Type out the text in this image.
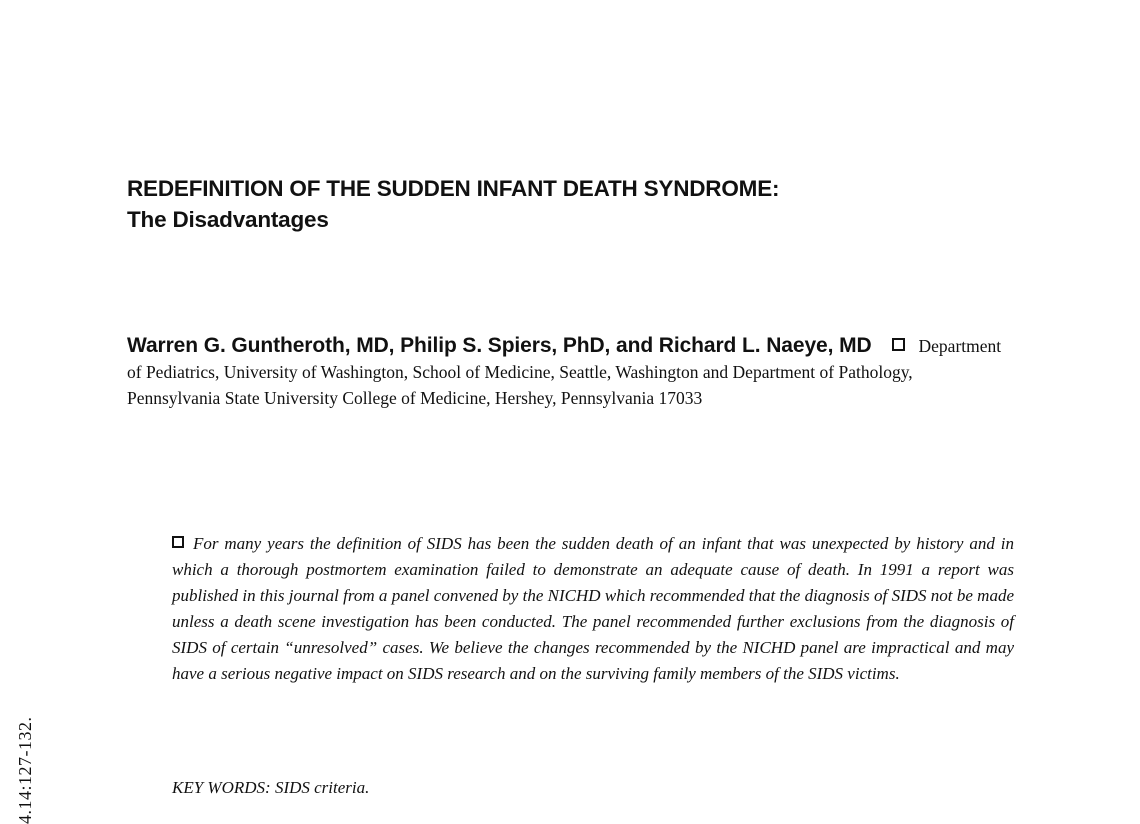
REDEFINITION OF THE SUDDEN INFANT DEATH SYNDROME:
The Disadvantages

Warren G. Guntheroth, MD, Philip S. Spiers, PhD, and Richard L. Naeye, MD	Department of Pediatrics, University of Washington, School of Medicine, Seattle, Washington and Department of Pathology, Pennsylvania State University College of Medicine, Hershey, Pennsylvania 17033

For many years the definition of SIDS has been the sudden death of an infant that was unexpected by history and in which a thorough postmortem examination failed to demonstrate an adequate cause of death. In 1991 a report was published in this journal from a panel convened by the NICHD which recommended that the diagnosis of SIDS not be made unless a death scene investigation has been conducted. The panel recommended further exclusions from the diagnosis of SIDS of certain “unresolved” cases. We believe the changes recommended by the NICHD panel are impractical and may have a serious negative impact on SIDS research and on the surviving family members of the SIDS victims.

KEY WORDS: SIDS criteria.

4.14:127-132.
